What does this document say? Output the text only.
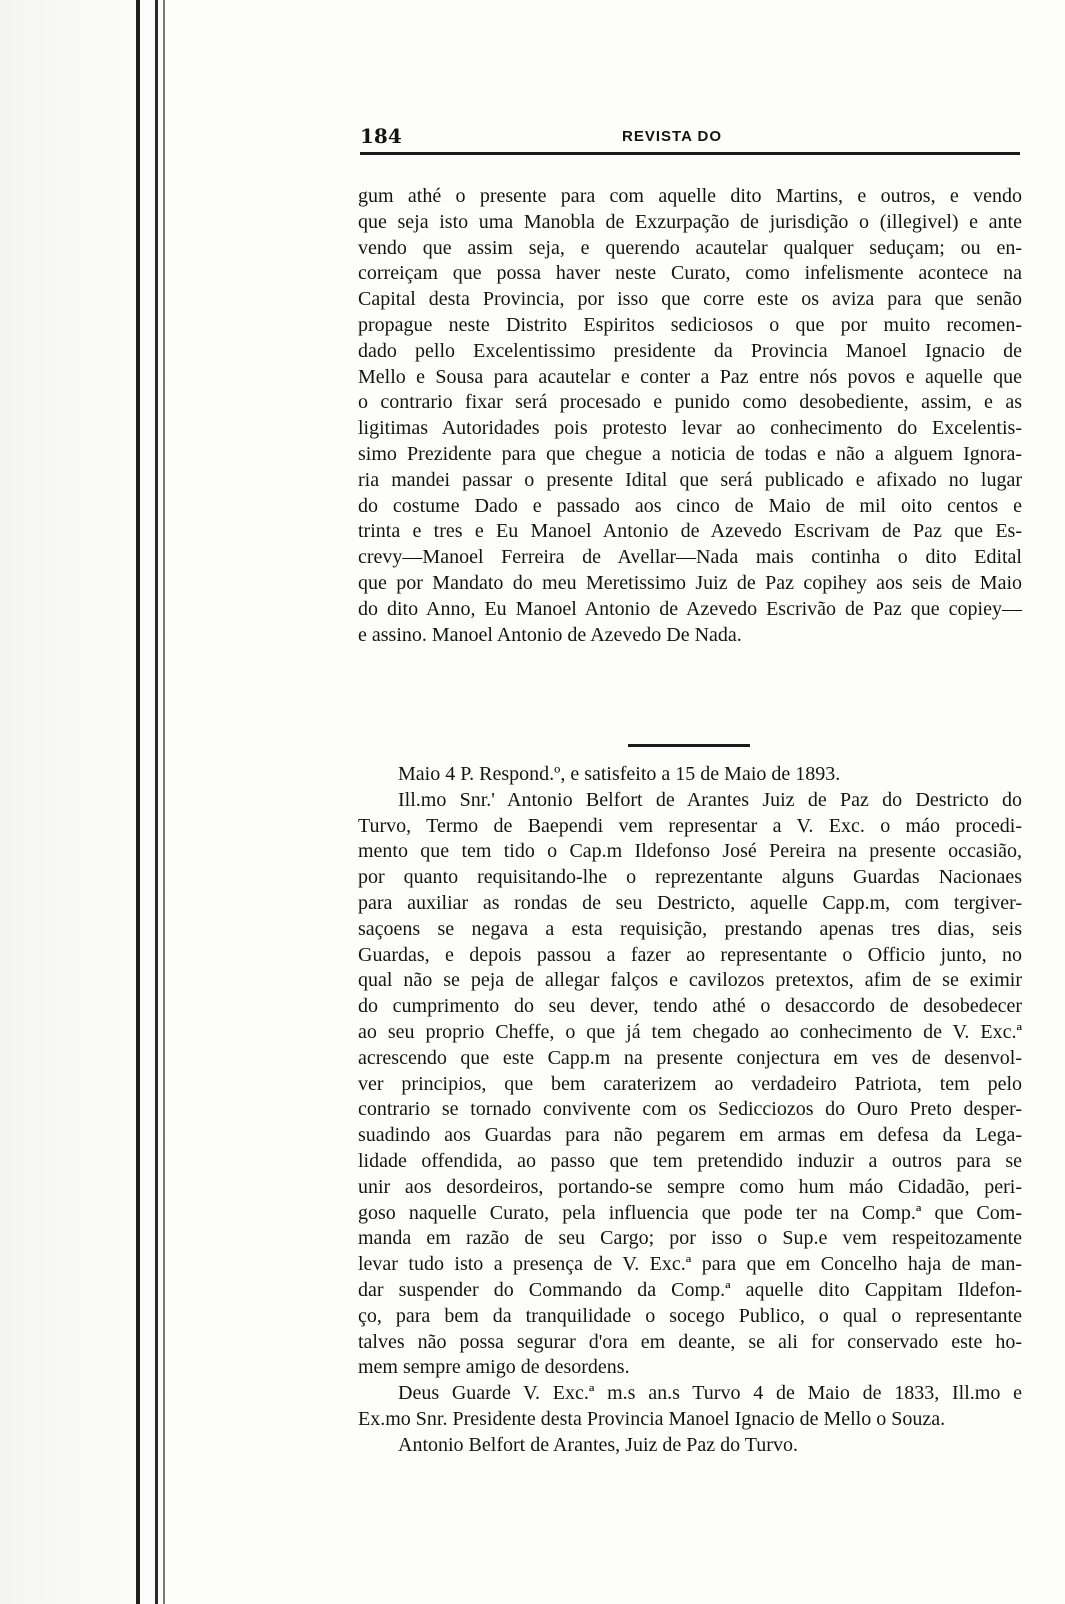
184	REVISTA DO

gum athé o presente para com aquelle dito Martins, e outros, e vendo
que seja isto uma Manobla de Exzurpação de jurisdição o (illegivel) e ante
vendo que assim seja, e querendo acautelar qualquer seduçam; ou en-
correiçam que possa haver neste Curato, como infelismente acontece na
Capital desta Provincia, por isso que corre este os aviza para que senão
propague neste Distrito Espiritos sediciosos o que por muito recomen-
dado pello Excelentissimo presidente da Provincia Manoel Ignacio de
Mello e Sousa para acautelar e conter a Paz entre nós povos e aquelle que
o contrario fixar será procesado e punido como desobediente, assim, e as
ligitimas Autoridades pois protesto levar ao conhecimento do Excelentis-
simo Prezidente para que chegue a noticia de todas e não a alguem Ignora-
ria mandei passar o presente Idital que será publicado e afixado no lugar
do costume Dado e passado aos cinco de Maio de mil oito centos e
trinta e tres e Eu Manoel Antonio de Azevedo Escrivam de Paz que Es-
crevy—Manoel Ferreira de Avellar—Nada mais continha o dito Edital
que por Mandato do meu Meretissimo Juiz de Paz copihey aos seis de Maio
do dito Anno, Eu Manoel Antonio de Azevedo Escrivão de Paz que copiey—
e assino. Manoel Antonio de Azevedo De Nada.

Maio 4 P. Respond.º, e satisfeito a 15 de Maio de 1893.

Ill.mo Snr.' Antonio Belfort de Arantes Juiz de Paz do Destricto do
Turvo, Termo de Baependi vem representar a V. Exc. o máo procedi-
mento que tem tido o Cap.m Ildefonso José Pereira na presente occasião,
por quanto requisitando-lhe o reprezentante alguns Guardas Nacionaes
para auxiliar as rondas de seu Destricto, aquelle Capp.m, com tergiver-
saçoens se negava a esta requisição, prestando apenas tres dias, seis
Guardas, e depois passou a fazer ao representante o Officio junto, no
qual não se peja de allegar falços e cavilozos pretextos, afim de se eximir
do cumprimento do seu dever, tendo athé o desaccordo de desobedecer
ao seu proprio Cheffe, o que já tem chegado ao conhecimento de V. Exc.ª
acrescendo que este Capp.m na presente conjectura em ves de desenvol-
ver principios, que bem caraterizem ao verdadeiro Patriota, tem pelo
contrario se tornado convivente com os Sedicciozos do Ouro Preto desper-
suadindo aos Guardas para não pegarem em armas em defesa da Lega-
lidade offendida, ao passo que tem pretendido induzir a outros para se
unir aos desordeiros, portando-se sempre como hum máo Cidadão, peri-
goso naquelle Curato, pela influencia que pode ter na Comp.ª que Com-
manda em razão de seu Cargo; por isso o Sup.e vem respeitozamente
levar tudo isto a presença de V. Exc.ª para que em Concelho haja de man-
dar suspender do Commando da Comp.ª aquelle dito Cappitam Ildefon-
ço, para bem da tranquilidade o socego Publico, o qual o representante
talves não possa segurar d'ora em deante, se ali for conservado este ho-
mem sempre amigo de desordens.

Deus Guarde V. Exc.ª m.s an.s Turvo 4 de Maio de 1833, Ill.mo e
Ex.mo Snr. Presidente desta Provincia Manoel Ignacio de Mello o Souza.

Antonio Belfort de Arantes, Juiz de Paz do Turvo.
